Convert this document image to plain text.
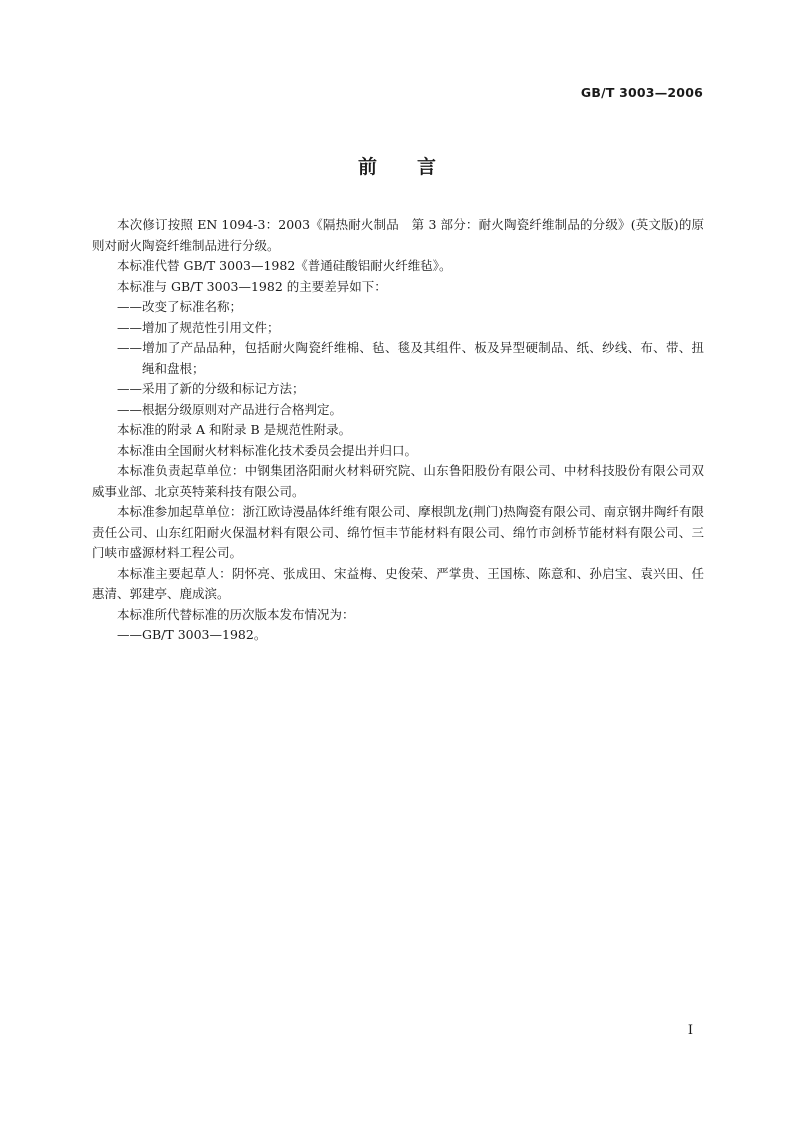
GB/T 3003—2006
前言

本次修订按照 EN 1094-3：2003《隔热耐火制品　第 3 部分：耐火陶瓷纤维制品的分级》(英文版)的原则对耐火陶瓷纤维制品进行分级。

本标准代替 GB/T 3003—1982《普通硅酸铝耐火纤维毡》。

本标准与 GB/T 3003—1982 的主要差异如下：

——改变了标准名称；

——增加了规范性引用文件；

——增加了产品品种，包括耐火陶瓷纤维棉、毡、毯及其组件、板及异型硬制品、纸、纱线、布、带、扭绳和盘根；

——采用了新的分级和标记方法；

——根据分级原则对产品进行合格判定。

本标准的附录 A 和附录 B 是规范性附录。

本标准由全国耐火材料标准化技术委员会提出并归口。

本标准负责起草单位：中钢集团洛阳耐火材料研究院、山东鲁阳股份有限公司、中材科技股份有限公司双威事业部、北京英特莱科技有限公司。

本标准参加起草单位：浙江欧诗漫晶体纤维有限公司、摩根凯龙(荆门)热陶瓷有限公司、南京钢井陶纤有限责任公司、山东红阳耐火保温材料有限公司、绵竹恒丰节能材料有限公司、绵竹市剑桥节能材料有限公司、三门峡市盛源材料工程公司。

本标准主要起草人：阴怀亮、张成田、宋益梅、史俊荣、严掌贵、王国栋、陈意和、孙启宝、袁兴田、任惠清、郭建亭、鹿成滨。

本标准所代替标准的历次版本发布情况为：

——GB/T 3003—1982。

I
